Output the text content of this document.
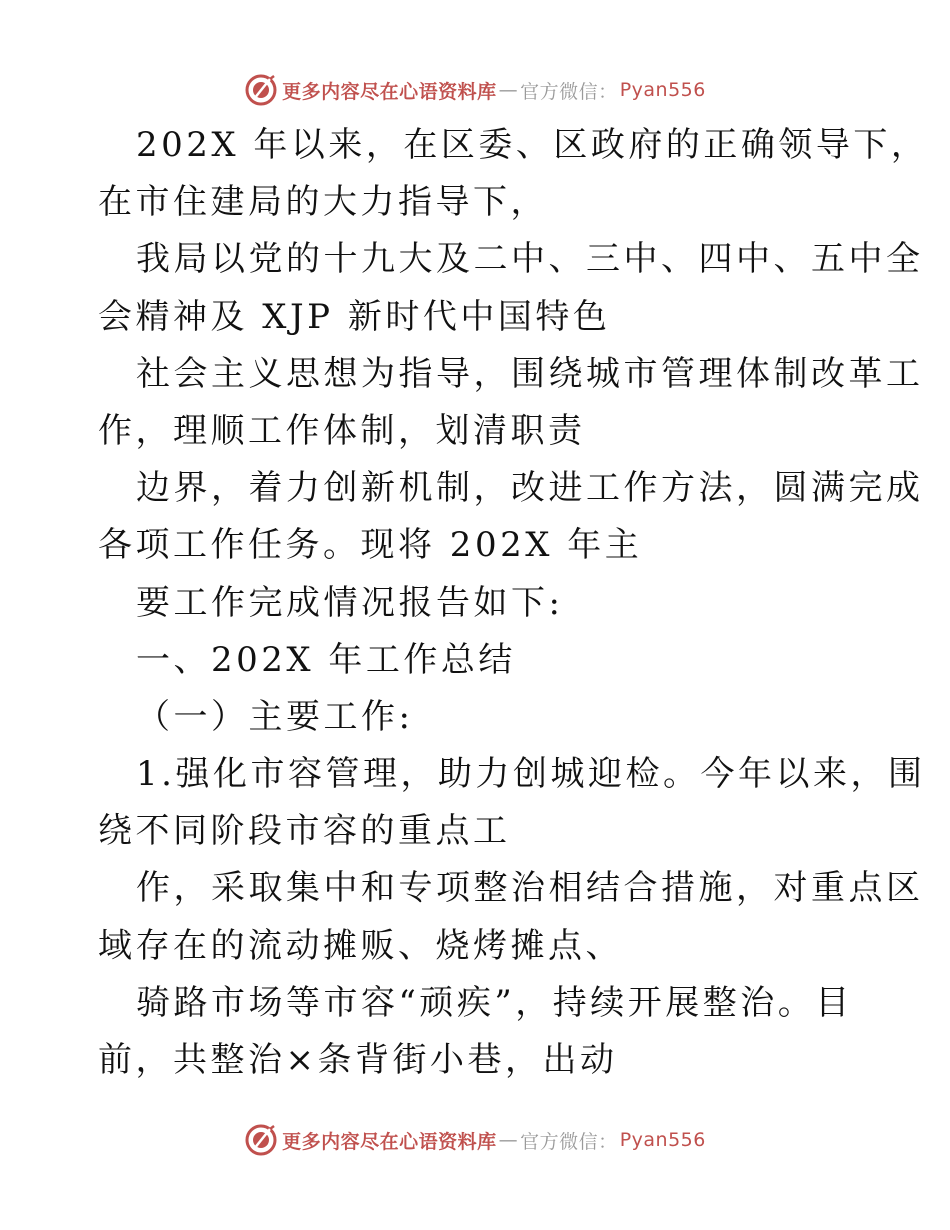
更多内容尽在心语资料库 — 官方微信： Pyan556
202X 年以来，在区委、区政府的正确领导下，
在市住建局的大力指导下，
我局以党的十九大及二中、三中、四中、五中全
会精神及 XJP 新时代中国特色
社会主义思想为指导，围绕城市管理体制改革工
作，理顺工作体制，划清职责
边界，着力创新机制，改进工作方法，圆满完成
各项工作任务。现将 202X 年主
要工作完成情况报告如下:
一、202X 年工作总结
（一）主要工作:
1.强化市容管理，助力创城迎检。今年以来，围
绕不同阶段市容的重点工
作，采取集中和专项整治相结合措施，对重点区
域存在的流动摊贩、烧烤摊点、
骑路市场等市容“顽疾”，持续开展整治。目
前，共整治×条背街小巷，出动
更多内容尽在心语资料库 — 官方微信： Pyan556
